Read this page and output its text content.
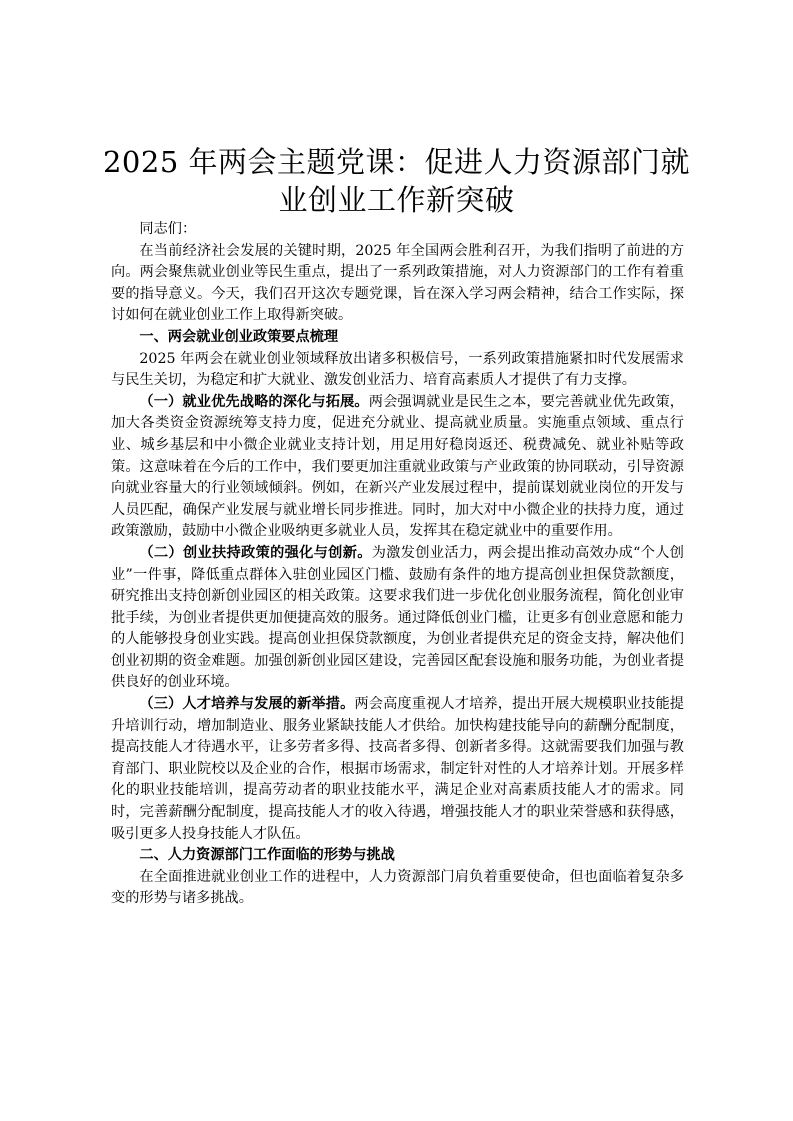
2025 年两会主题党课：促进人力资源部门就业创业工作新突破

同志们：

在当前经济社会发展的关键时期，2025 年全国两会胜利召开，为我们指明了前进的方向。两会聚焦就业创业等民生重点，提出了一系列政策措施，对人力资源部门的工作有着重要的指导意义。今天，我们召开这次专题党课，旨在深入学习两会精神，结合工作实际，探讨如何在就业创业工作上取得新突破。

一、两会就业创业政策要点梳理

2025 年两会在就业创业领域释放出诸多积极信号，一系列政策措施紧扣时代发展需求与民生关切，为稳定和扩大就业、激发创业活力、培育高素质人才提供了有力支撑。

（一）就业优先战略的深化与拓展。两会强调就业是民生之本，要完善就业优先政策，加大各类资金资源统筹支持力度，促进充分就业、提高就业质量。实施重点领域、重点行业、城乡基层和中小微企业就业支持计划，用足用好稳岗返还、税费减免、就业补贴等政策。这意味着在今后的工作中，我们要更加注重就业政策与产业政策的协同联动，引导资源向就业容量大的行业领域倾斜。例如，在新兴产业发展过程中，提前谋划就业岗位的开发与人员匹配，确保产业发展与就业增长同步推进。同时，加大对中小微企业的扶持力度，通过政策激励，鼓励中小微企业吸纳更多就业人员，发挥其在稳定就业中的重要作用。

（二）创业扶持政策的强化与创新。为激发创业活力，两会提出推动高效办成“个人创业”一件事，降低重点群体入驻创业园区门槛、鼓励有条件的地方提高创业担保贷款额度，研究推出支持创新创业园区的相关政策。这要求我们进一步优化创业服务流程，简化创业审批手续，为创业者提供更加便捷高效的服务。通过降低创业门槛，让更多有创业意愿和能力的人能够投身创业实践。提高创业担保贷款额度，为创业者提供充足的资金支持，解决他们创业初期的资金难题。加强创新创业园区建设，完善园区配套设施和服务功能，为创业者提供良好的创业环境。

（三）人才培养与发展的新举措。两会高度重视人才培养，提出开展大规模职业技能提升培训行动，增加制造业、服务业紧缺技能人才供给。加快构建技能导向的薪酬分配制度，提高技能人才待遇水平，让多劳者多得、技高者多得、创新者多得。这就需要我们加强与教育部门、职业院校以及企业的合作，根据市场需求，制定针对性的人才培养计划。开展多样化的职业技能培训，提高劳动者的职业技能水平，满足企业对高素质技能人才的需求。同时，完善薪酬分配制度，提高技能人才的收入待遇，增强技能人才的职业荣誉感和获得感，吸引更多人投身技能人才队伍。

二、人力资源部门工作面临的形势与挑战

在全面推进就业创业工作的进程中，人力资源部门肩负着重要使命，但也面临着复杂多变的形势与诸多挑战。
